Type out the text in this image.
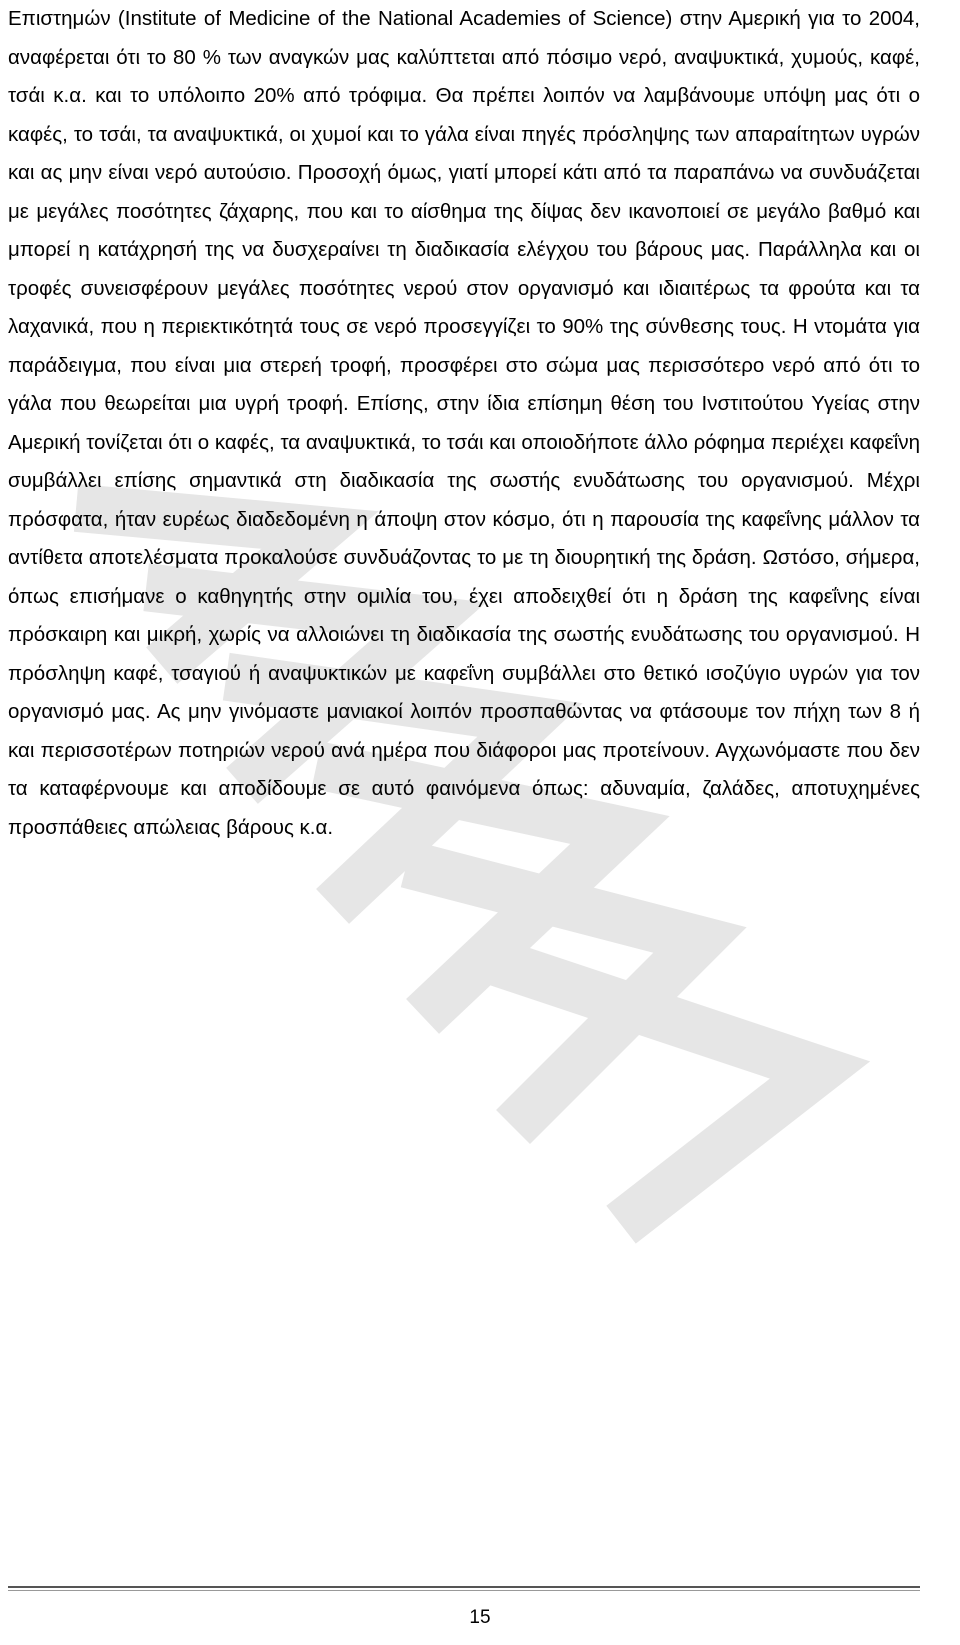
Επιστημών (Institute of Medicine of the National Academies of Science) στην Αμερική για το 2004, αναφέρεται ότι το 80 % των αναγκών μας καλύπτεται από πόσιμο νερό, αναψυκτικά, χυμούς, καφέ, τσάι κ.α. και το υπόλοιπο 20% από τρόφιμα. Θα πρέπει λοιπόν να λαμβάνουμε υπόψη μας ότι ο καφές, το τσάι, τα αναψυκτικά, οι χυμοί και το γάλα είναι πηγές πρόσληψης των απαραίτητων υγρών και ας μην είναι νερό αυτούσιο. Προσοχή όμως, γιατί μπορεί κάτι από τα παραπάνω να συνδυάζεται με μεγάλες ποσότητες ζάχαρης, που και το αίσθημα της δίψας δεν ικανοποιεί σε μεγάλο βαθμό και μπορεί η κατάχρησή της να δυσχεραίνει τη διαδικασία ελέγχου του βάρους μας. Παράλληλα και οι τροφές συνεισφέρουν μεγάλες ποσότητες νερού στον οργανισμό και ιδιαιτέρως τα φρούτα και τα λαχανικά, που η περιεκτικότητά τους σε νερό προσεγγίζει το 90% της σύνθεσης τους. Η ντομάτα για παράδειγμα, που είναι μια στερεή τροφή, προσφέρει στο σώμα μας περισσότερο νερό από ότι το γάλα που θεωρείται μια υγρή τροφή. Επίσης, στην ίδια επίσημη θέση του Ινστιτούτου Υγείας στην Αμερική τονίζεται ότι ο καφές, τα αναψυκτικά, το τσάι και οποιοδήποτε άλλο ρόφημα περιέχει καφεΐνη συμβάλλει επίσης σημαντικά στη διαδικασία της σωστής ενυδάτωσης του οργανισμού. Μέχρι πρόσφατα, ήταν ευρέως διαδεδομένη η άποψη στον κόσμο, ότι η παρουσία της καφεΐνης μάλλον τα αντίθετα αποτελέσματα προκαλούσε συνδυάζοντας το με τη διουρητική της δράση. Ωστόσο, σήμερα, όπως επισήμανε ο καθηγητής στην ομιλία του, έχει αποδειχθεί ότι η δράση της καφεΐνης είναι πρόσκαιρη και μικρή, χωρίς να αλλοιώνει τη διαδικασία της σωστής ενυδάτωσης του οργανισμού. Η πρόσληψη καφέ, τσαγιού ή αναψυκτικών με καφεΐνη συμβάλλει στο θετικό ισοζύγιο υγρών για τον οργανισμό μας. Ας μην γινόμαστε μανιακοί λοιπόν προσπαθώντας να φτάσουμε τον πήχη των 8 ή και περισσοτέρων ποτηριών νερού ανά ημέρα που διάφοροι μας προτείνουν. Αγχωνόμαστε που δεν τα καταφέρνουμε και αποδίδουμε σε αυτό φαινόμενα όπως: αδυναμία, ζαλάδες, αποτυχημένες προσπάθειες απώλειας βάρους κ.α.

15
